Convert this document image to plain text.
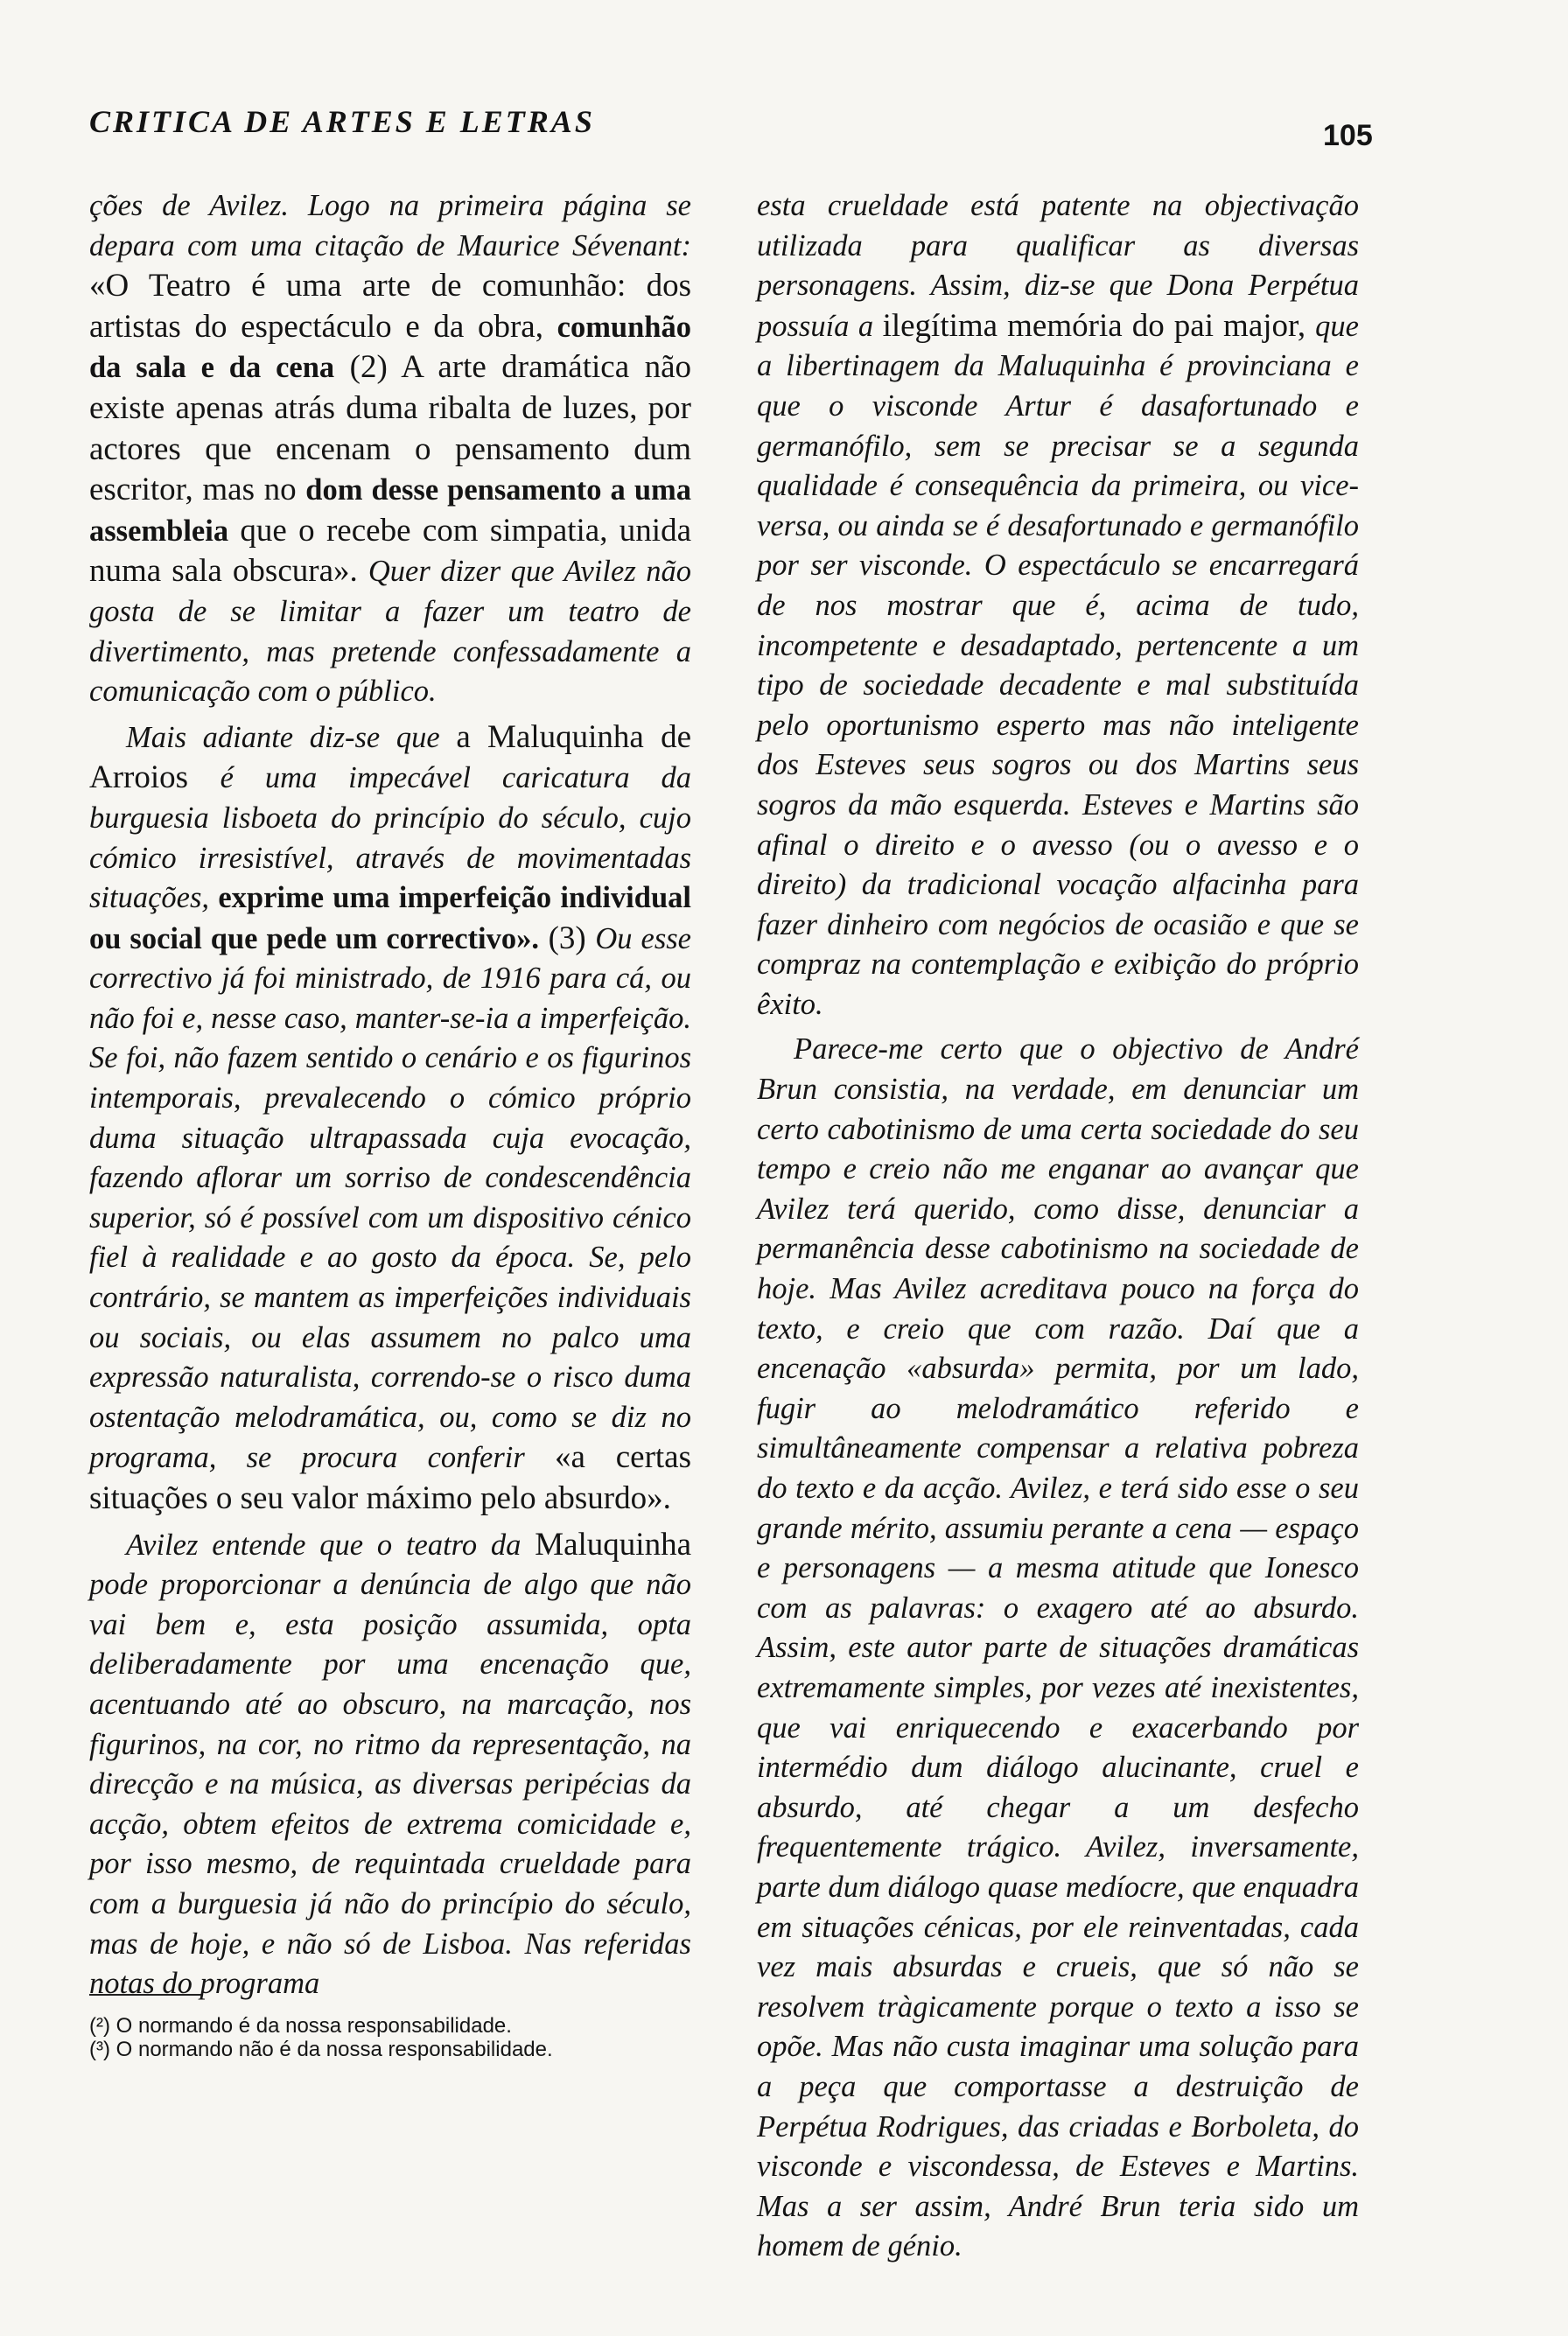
CRITICA DE ARTES E LETRAS	105

ções de Avilez. Logo na primeira página se depara com uma citação de Maurice Sévenant: «O Teatro é uma arte de comunhão: dos artistas do espectáculo e da obra, comunhão da sala e da cena (2) A arte dramática não existe apenas atrás duma ribalta de luzes, por actores que encenam o pensamento dum escritor, mas no dom desse pensamento a uma assembleia que o recebe com simpatia, unida numa sala obscura». Quer dizer que Avilez não gosta de se limitar a fazer um teatro de divertimento, mas pretende confessadamente a comunicação com o público.

Mais adiante diz-se que a Maluquinha de Arroios é uma impecável caricatura da burguesia lisboeta do princípio do século, cujo cómico irresistível, através de movimentadas situações, exprime uma imperfeição individual ou social que pede um correctivo». (3) Ou esse correctivo já foi ministrado, de 1916 para cá, ou não foi e, nesse caso, manter-se-ia a imperfeição. Se foi, não fazem sentido o cenário e os figurinos intemporais, prevalecendo o cómico próprio duma situação ultrapassada cuja evocação, fazendo aflorar um sorriso de condescendência superior, só é possível com um dispositivo cénico fiel à realidade e ao gosto da época. Se, pelo contrário, se mantem as imperfeições individuais ou sociais, ou elas assumem no palco uma expressão naturalista, correndo-se o risco duma ostentação melodramática, ou, como se diz no programa, se procura conferir «a certas situações o seu valor máximo pelo absurdo».

Avilez entende que o teatro da Maluquinha pode proporcionar a denúncia de algo que não vai bem e, esta posição assumida, opta deliberadamente por uma encenação que, acentuando até ao obscuro, na marcação, nos figurinos, na cor, no ritmo da representação, na direcção e na música, as diversas peripécias da acção, obtem efeitos de extrema comicidade e, por isso mesmo, de requintada crueldade para com a burguesia já não do princípio do século, mas de hoje, e não só de Lisboa. Nas referidas notas do programa

(²) O normando é da nossa responsabilidade.

(³) O normando não é da nossa responsabilidade.

esta crueldade está patente na objectivação utilizada para qualificar as diversas personagens. Assim, diz-se que Dona Perpétua possuía a ilegítima memória do pai major, que a libertinagem da Maluquinha é provinciana e que o visconde Artur é dasafortunado e germanófilo, sem se precisar se a segunda qualidade é consequência da primeira, ou vice-versa, ou ainda se é desafortunado e germanófilo por ser visconde. O espectáculo se encarregará de nos mostrar que é, acima de tudo, incompetente e desadaptado, pertencente a um tipo de sociedade decadente e mal substituída pelo oportunismo esperto mas não inteligente dos Esteves seus sogros ou dos Martins seus sogros da mão esquerda. Esteves e Martins são afinal o direito e o avesso (ou o avesso e o direito) da tradicional vocação alfacinha para fazer dinheiro com negócios de ocasião e que se compraz na contemplação e exibição do próprio êxito.

Parece-me certo que o objectivo de André Brun consistia, na verdade, em denunciar um certo cabotinismo de uma certa sociedade do seu tempo e creio não me enganar ao avançar que Avilez terá querido, como disse, denunciar a permanência desse cabotinismo na sociedade de hoje. Mas Avilez acreditava pouco na força do texto, e creio que com razão. Daí que a encenação «absurda» permita, por um lado, fugir ao melodramático referido e simultâneamente compensar a relativa pobreza do texto e da acção. Avilez, e terá sido esse o seu grande mérito, assumiu perante a cena — espaço e personagens — a mesma atitude que Ionesco com as palavras: o exagero até ao absurdo. Assim, este autor parte de situações dramáticas extremamente simples, por vezes até inexistentes, que vai enriquecendo e exacerbando por intermédio dum diálogo alucinante, cruel e absurdo, até chegar a um desfecho frequentemente trágico. Avilez, inversamente, parte dum diálogo quase medíocre, que enquadra em situações cénicas, por ele reinventadas, cada vez mais absurdas e crueis, que só não se resolvem tràgicamente porque o texto a isso se opõe. Mas não custa imaginar uma solução para a peça que comportasse a destruição de Perpétua Rodrigues, das criadas e Borboleta, do visconde e viscondessa, de Esteves e Martins. Mas a ser assim, André Brun teria sido um homem de génio.
